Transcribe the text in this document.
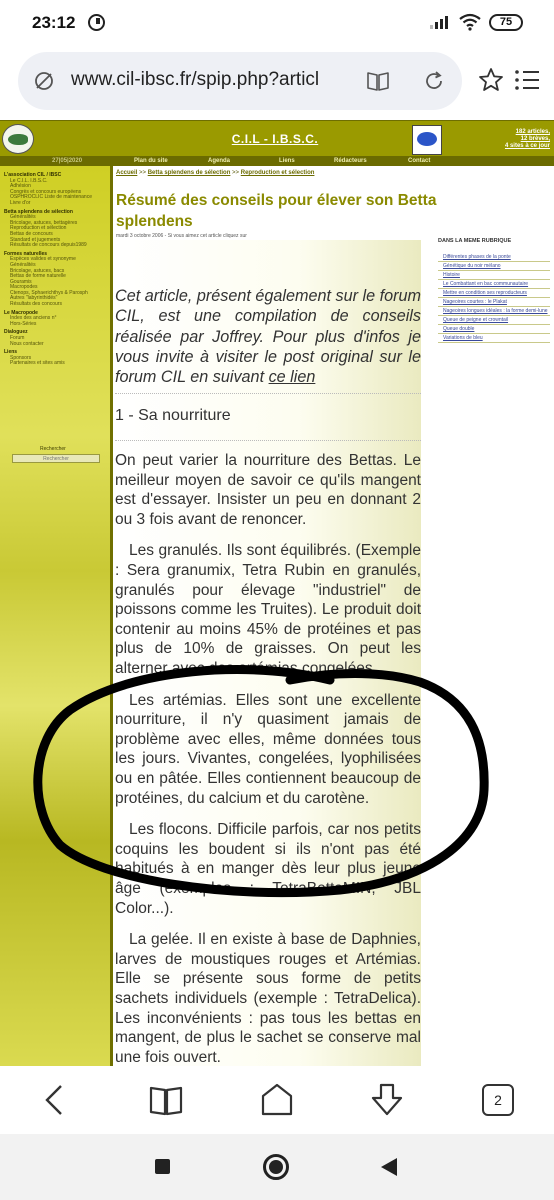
23:12	75
www.cil-ibsc.fr/spip.php?articl
C.I.L - I.B.S.C.	182 articles,
12 brèves,
4 sites à ce jour
27|05|2020	Plan du site	Agenda	Liens	Rédacteurs	Contact
L'association CIL / IBSC
Le C.I.L. I.B.S.C.
Adhésion
Congrès et concours européens
OSPHROCLIC Liste de maintenance
Livre d'or
Betta splendens de sélection
Généralités
Bricolage, astuces, bettagères
Reproduction et sélection
Bettas de concours
Standard et jugements
Résultats de concours depuis1989
Formes naturelles
Espèces valides et synonyme
Généralités
Bricolage, astuces, bacs
Bettas de forme naturelle
Gouramis
Macropodes
Ctenops, Sphaerichthys & Parosph
Autres "labyrinthidés"
Résultats des concours
Le Macropode
Index des anciens n°
Hors-Séries
Dialoguez
Forum
Nous contacter
Liens
Sponsors
Partenaires et sites amis
Rechercher
Rechercher
Accueil >> Betta splendens de sélection >> Reproduction et sélection
Résumé des conseils pour élever son Betta splendens
mardi 3 octobre 2006 - Si vous aimez cet article cliquez sur
DANS LA MEME RUBRIQUE
Différentes phases de la ponte
Génétique du noir mélano
Histoire
Le Combattant en bac communautaire
Mettre en condition ses reproducteurs
Nageoires courtes : le Plakat
Nageoires longues idéales : la forme demi-lune
Queue de peigne et crowntail
Queue double
Variations de bleu

Cet article, présent également sur le forum CIL, est une compilation de conseils réalisée par Joffrey. Pour plus d'infos je vous invite à visiter le post original sur le forum CIL en suivant ce lien

1 - Sa nourriture

On peut varier la nourriture des Bettas. Le meilleur moyen de savoir ce qu'ils mangent est d'essayer. Insister un peu en donnant 2 ou 3 fois avant de renoncer.

Les granulés. Ils sont équilibrés. (Exemple : Sera granumix, Tetra Rubin en granulés, granulés pour élevage "industriel" de poissons comme les Truites). Le produit doit contenir au moins 45% de protéines et pas plus de 10% de graisses. On peut les alterner avec des artémias congelées.

Les artémias. Elles sont une excellente nourriture, il n'y quasiment jamais de problème avec elles, même données tous les jours. Vivantes, congelées, lyophilisées ou en pâtée. Elles contiennent beaucoup de protéines, du calcium et du carotène.

Les flocons. Difficile parfois, car nos petits coquins les boudent si ils n'ont pas été habitués à en manger dès leur plus jeune âge (exemples : TetraBettaMIN, JBL Color...).

La gelée. Il en existe à base de Daphnies, larves de moustiques rouges et Artémias. Elle se présente sous forme de petits sachets individuels (exemple : TetraDelica). Les inconvénients : pas tous les bettas en mangent, de plus le sachet se conserve mal une fois ouvert.

2
